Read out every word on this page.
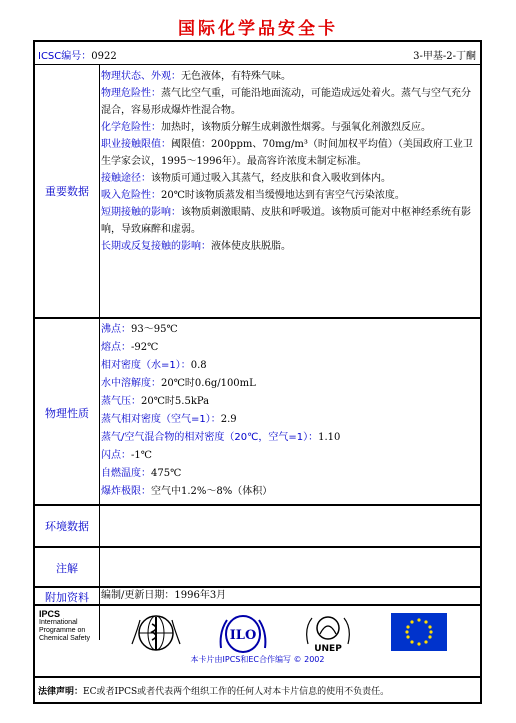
国际化学品安全卡
ICSC编号：0922	3-甲基-2-丁酮
重要数据

物理状态、外观：无色液体，有特殊气味。

物理危险性：蒸气比空气重，可能沿地面流动，可能造成远处着火。蒸气与空气充分混合，容易形成爆炸性混合物。

化学危险性：加热时，该物质分解生成刺激性烟雾。与强氧化剂激烈反应。

职业接触限值：阈限值：200ppm、70mg/m³（时间加权平均值）（美国政府工业卫生学家会议，1995～1996年）。最高容许浓度未制定标准。

接触途径：该物质可通过吸入其蒸气，经皮肤和食入吸收到体内。

吸入危险性：20℃时该物质蒸发相当缓慢地达到有害空气污染浓度。

短期接触的影响：该物质刺激眼睛、皮肤和呼吸道。该物质可能对中枢神经系统有影响，导致麻醉和虚弱。

长期或反复接触的影响：液体使皮肤脱脂。

物理性质

沸点：93～95℃

熔点：-92℃

相对密度（水=1）：0.8

水中溶解度：20℃时0.6g/100mL

蒸气压：20℃时5.5kPa

蒸气相对密度（空气=1）：2.9

蒸气/空气混合物的相对密度（20℃，空气=1）：1.10

闪点：-1℃

自燃温度：475℃

爆炸极限：空气中1.2%～8%（体积）

环境数据
注解
附加资料	编制/更新日期：1996年3月
IPCS
International
Programme on
Chemical Safety	ILO
UNEP
本卡片由IPCS和EC合作编写 © 2002
法律声明：EC或者IPCS或者代表两个组织工作的任何人对本卡片信息的使用不负责任。
